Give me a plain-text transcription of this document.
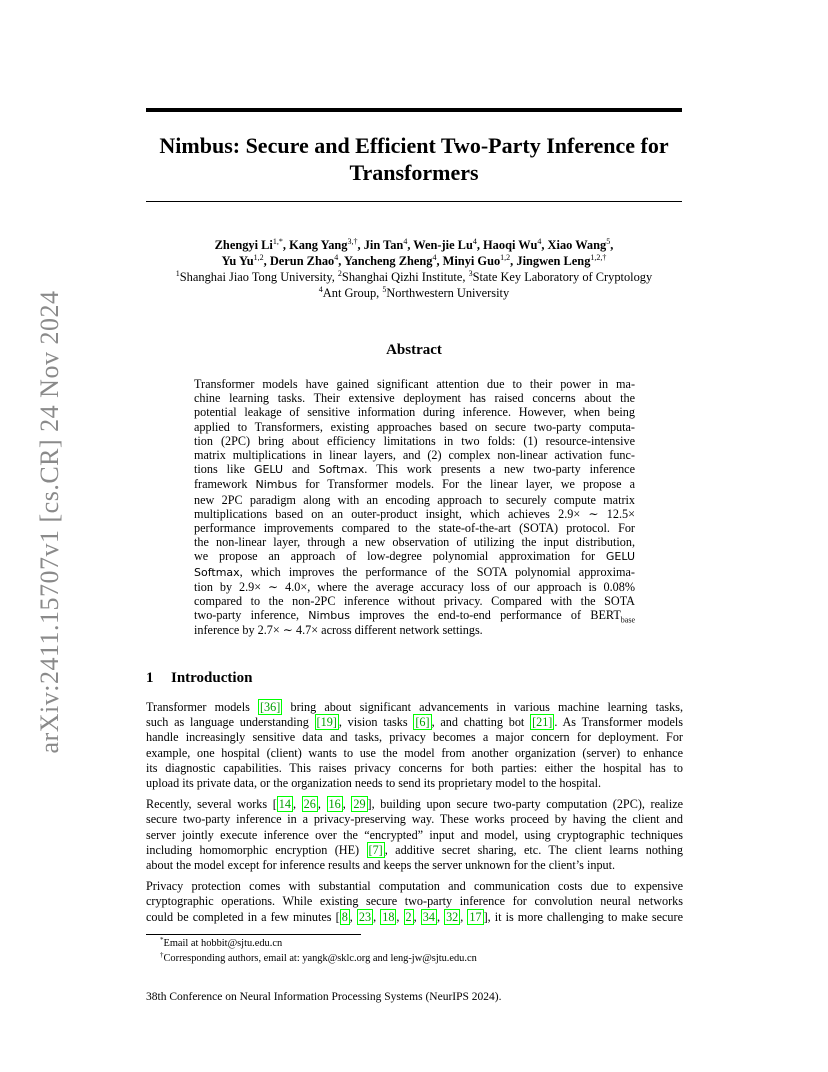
arXiv:2411.15707v1 [cs.CR] 24 Nov 2024
Nimbus: Secure and Efficient Two-Party Inference for
Transformers
Zhengyi $Li^{1,*}$, Kang Yang$^{3,\dagger}$, Jin Tan$^4$, Wen-jie Lu$^4$, Haoqi Wu$^4$, Xiao Wang$^5$,
Yu Yu$^{1,2}$, Derun Zhao$^4$, Yancheng Zheng$^4$, Minyi Guo$^{1,2}$, Jingwen Leng$^{1,2,\dagger}$
$^1$Shanghai Jiao Tong University, $^2$Shanghai Qizhi Institute, $^3$State Key Laboratory of Cryptology
$^4$Ant Group, $^5$Northwestern University
Abstract
Transformer models have gained significant attention due to their power in ma-
chine learning tasks. Their extensive deployment has raised concerns about the
potential leakage of sensitive information during inference. However, when being
applied to Transformers, existing approaches based on secure two-party computa-
tion (2PC) bring about efficiency limitations in two folds: (1) resource-intensive
matrix multiplications in linear layers, and (2) complex non-linear activation func-
tions like GELU and Softmax. This work presents a new two-party inference
framework Nimbus for Transformer models. For the linear layer, we propose a
new 2PC paradigm along with an encoding approach to securely compute matrix
multiplications based on an outer-product insight, which achieves 2.9× ∼ 12.5×
performance improvements compared to the state-of-the-art (SOTA) protocol. For
the non-linear layer, through a new observation of utilizing the input distribution,
we propose an approach of low-degree polynomial approximation for GELU
Softmax, which improves the performance of the SOTA polynomial approxima-
tion by 2.9× ∼ 4.0×, where the average accuracy loss of our approach is 0.08%
compared to the non-2PC inference without privacy. Compared with the SOTA
two-party inference, Nimbus improves the end-to-end performance of $BERT_{base}$
inference by 2.7× ∼ 4.7× across different network settings.
1 Introduction

Transformer models [36] bring about significant advancements in various machine learning tasks,
such as language understanding [19] , vision tasks [6] , and chatting bot [21] . As Transformer models
handle increasingly sensitive data and tasks, privacy becomes a major concern for deployment. For
example, one hospital (client) wants to use the model from another organization (server) to enhance
its diagnostic capabilities. This raises privacy concerns for both parties: either the hospital has to
upload its private data, or the organization needs to send its proprietary model to the hospital.

Recently, several works [ 14 , 26 , 16 , 29 ], building upon secure two-party computation (2PC), realize
secure two-party inference in a privacy-preserving way. These works proceed by having the client and
server jointly execute inference over the “encrypted” input and model, using cryptographic techniques
including homomorphic encryption (HE) [7] , additive secret sharing, etc. The client learns nothing
about the model except for inference results and keeps the server unknown for the client’s input.

Privacy protection comes with substantial computation and communication costs due to expensive
cryptographic operations. While existing secure two-party inference for convolution neural networks
could be completed in a few minutes [ 8 , 23 , 18 , 2 , 34 , 32 , 17 ], it is more challenging to make secure

*Email at hobbit@sjtu.edu.cn
†Corresponding authors, email at: yangk@sklc.org and leng-jw@sjtu.edu.cn
38th Conference on Neural Information Processing Systems (NeurIPS 2024).
